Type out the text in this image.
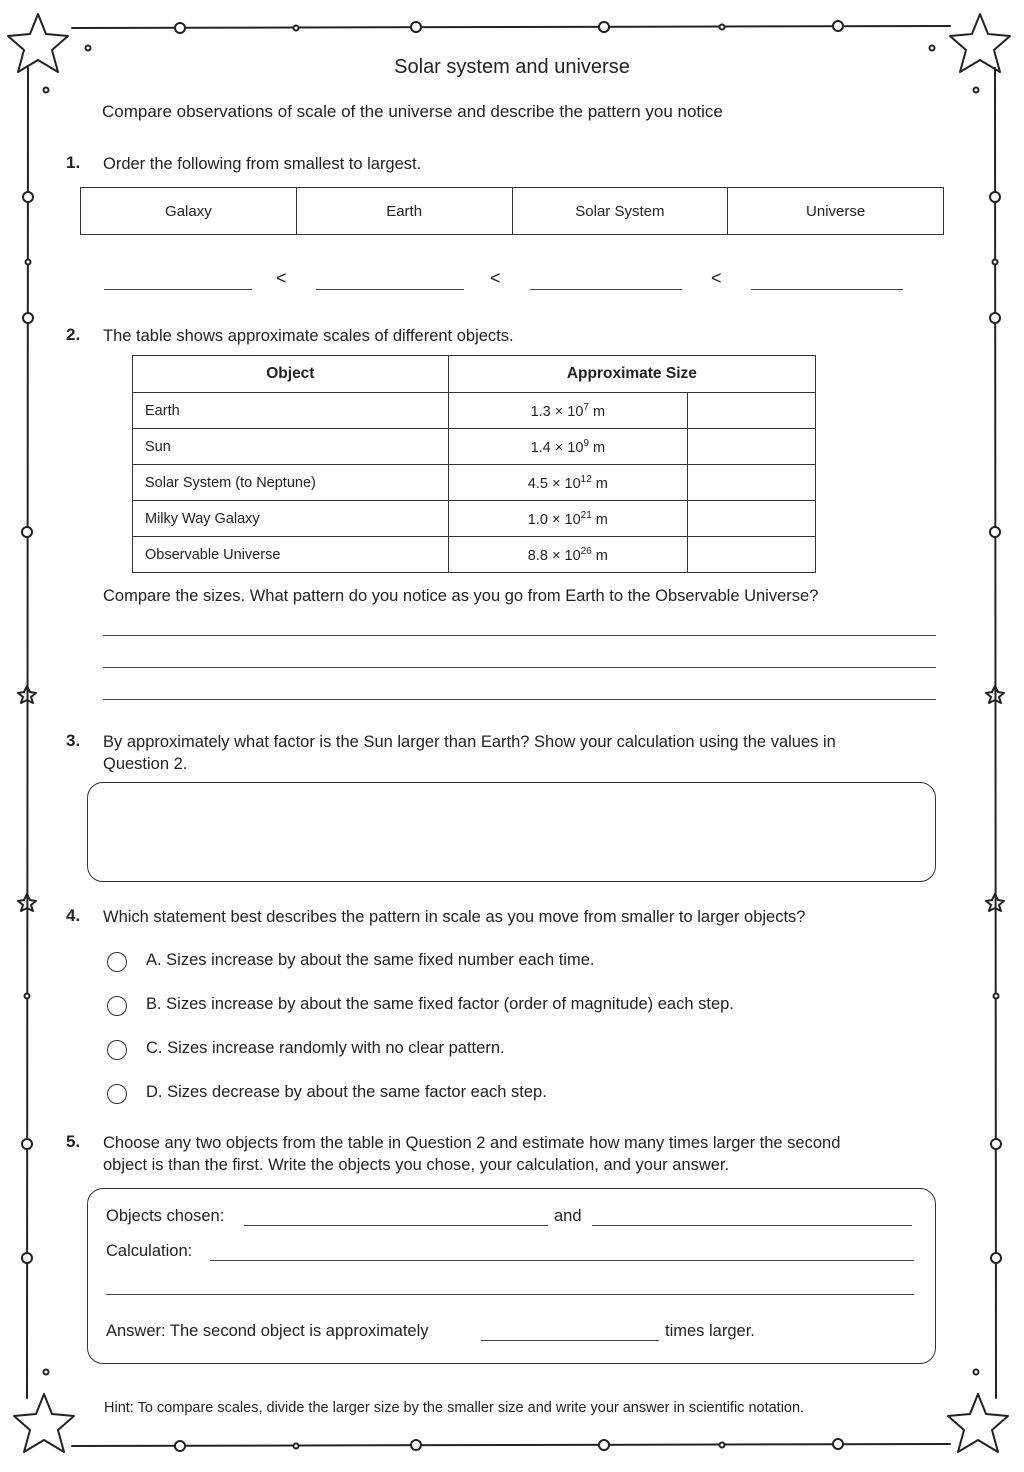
Solar system and universe
Compare observations of scale of the universe and describe the pattern you notice
1. Order the following from smallest to largest.
Galaxy	Earth	Solar System	Universe
<	<	<
2. The table shows approximate scales of different objects.
Object	Approximate Size	
Earth	$1.3 \times 10^7$ m	
Sun	$1.4 \times 10^9$ m	
Solar System (to Neptune)	$4.5 \times 10^{12}$ m	
Milky Way Galaxy	$1.0 \times 10^{21}$ m	
Observable Universe	$8.8 \times 10^{26}$ m	
Compare the sizes. What pattern do you notice as you go from Earth to the Observable Universe?
3. By approximately what factor is the Sun larger than Earth? Show your calculation using the values in
Question 2.
4. Which statement best describes the pattern in scale as you move from smaller to larger objects?
A. Sizes increase by about the same fixed number each time.
B. Sizes increase by about the same fixed factor (order of magnitude) each step.
C. Sizes increase randomly with no clear pattern.
D. Sizes decrease by about the same factor each step.
5. Choose any two objects from the table in Question 2 and estimate how many times larger the second
object is than the first. Write the objects you chose, your calculation, and your answer.
Objects chosen:	and
Calculation:
Answer: The second object is approximately	times larger.
Hint: To compare scales, divide the larger size by the smaller size and write your answer in scientific notation.
